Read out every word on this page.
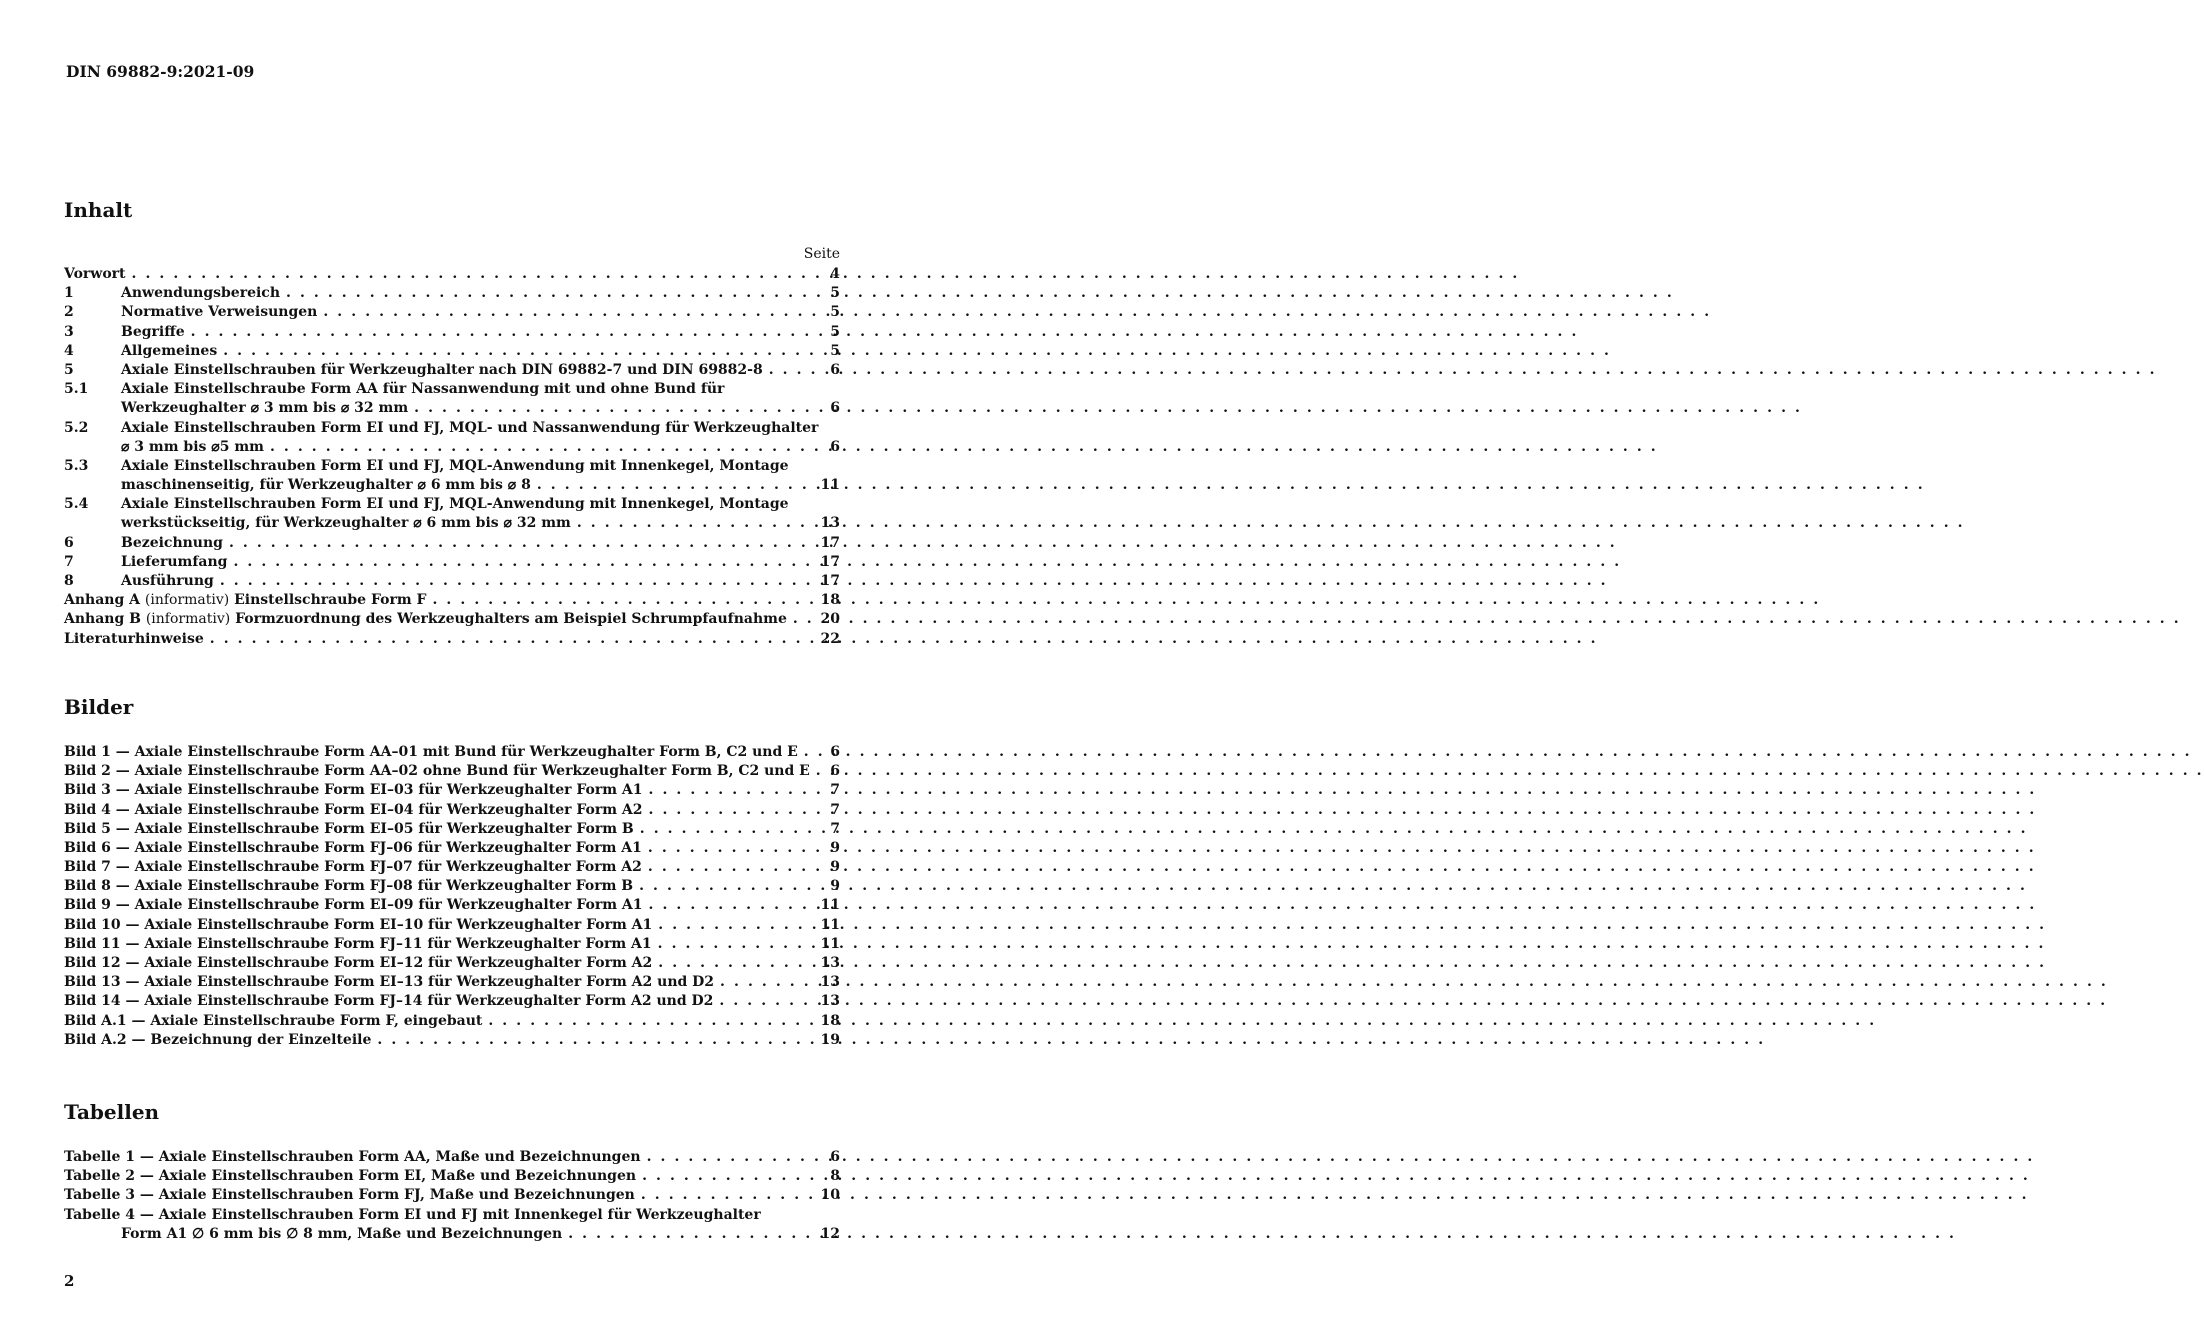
DIN 69882-9:2021-09
Inhalt
Seite
Vorwort . . .	4
1	Anwendungsbereich . . .	5
2	Normative Verweisungen . . .	5
3	Begriffe . . .	5
4	Allgemeines . . .	5
5	Axiale Einstellschrauben für Werkzeughalter nach DIN 69882-7 und DIN 69882-8 . . .	6
5.1	Axiale Einstellschraube Form AA für Nassanwendung mit und ohne Bund für
Werkzeughalter ⌀ 3 mm bis ⌀ 32 mm . . .	6
5.2	Axiale Einstellschrauben Form EI und FJ, MQL- und Nassanwendung für Werkzeughalter
⌀ 3 mm bis ⌀5 mm . . .	6
5.3	Axiale Einstellschrauben Form EI und FJ, MQL-Anwendung mit Innenkegel, Montage
maschinenseitig, für Werkzeughalter ⌀ 6 mm bis ⌀ 8 . . .	11
5.4	Axiale Einstellschrauben Form EI und FJ, MQL-Anwendung mit Innenkegel, Montage
werkstückseitig, für Werkzeughalter ⌀ 6 mm bis ⌀ 32 mm . . .	13
6	Bezeichnung . . .	17
7	Lieferumfang . . .	17
8	Ausführung . . .	17
Anhang A (informativ) Einstellschraube Form F . . .	18
Anhang B (informativ) Formzuordnung des Werkzeughalters am Beispiel Schrumpfaufnahme . . .	20
Literaturhinweise . . .	22
Bilder
Bild 1 — Axiale Einstellschraube Form AA–01 mit Bund für Werkzeughalter Form B, C2 und E . . .	6
Bild 2 — Axiale Einstellschraube Form AA–02 ohne Bund für Werkzeughalter Form B, C2 und E . . .	6
Bild 3 — Axiale Einstellschraube Form EI–03 für Werkzeughalter Form A1 . . .	7
Bild 4 — Axiale Einstellschraube Form EI–04 für Werkzeughalter Form A2 . . .	7
Bild 5 — Axiale Einstellschraube Form EI–05 für Werkzeughalter Form B . . .	7
Bild 6 — Axiale Einstellschraube Form FJ–06 für Werkzeughalter Form A1 . . .	9
Bild 7 — Axiale Einstellschraube Form FJ–07 für Werkzeughalter Form A2 . . .	9
Bild 8 — Axiale Einstellschraube Form FJ–08 für Werkzeughalter Form B . . .	9
Bild 9 — Axiale Einstellschraube Form EI–09 für Werkzeughalter Form A1 . . .	11
Bild 10 — Axiale Einstellschraube Form EI–10 für Werkzeughalter Form A1 . . .	11
Bild 11 — Axiale Einstellschraube Form FJ–11 für Werkzeughalter Form A1 . . .	11
Bild 12 — Axiale Einstellschraube Form EI–12 für Werkzeughalter Form A2 . . .	13
Bild 13 — Axiale Einstellschraube Form EI–13 für Werkzeughalter Form A2 und D2 . . .	13
Bild 14 — Axiale Einstellschraube Form FJ–14 für Werkzeughalter Form A2 und D2 . . .	13
Bild A.1 — Axiale Einstellschraube Form F, eingebaut . . .	18
Bild A.2 — Bezeichnung der Einzelteile . . .	19
Tabellen
Tabelle 1 — Axiale Einstellschrauben Form AA, Maße und Bezeichnungen . . .	6
Tabelle 2 — Axiale Einstellschrauben Form EI, Maße und Bezeichnungen . . .	8
Tabelle 3 — Axiale Einstellschrauben Form FJ, Maße und Bezeichnungen . . .	10
Tabelle 4 — Axiale Einstellschrauben Form EI und FJ mit Innenkegel für Werkzeughalter
Form A1 ∅ 6 mm bis ∅ 8 mm, Maße und Bezeichnungen . . .	12
2
